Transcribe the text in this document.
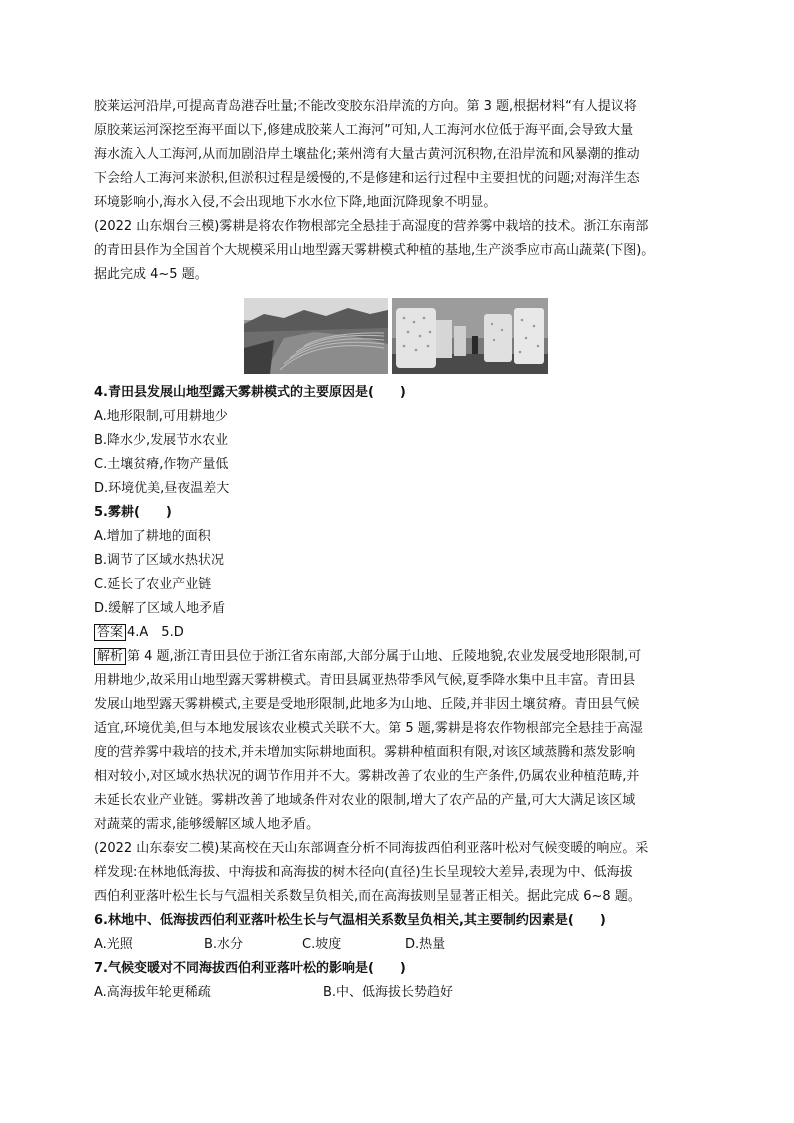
胶莱运河沿岸,可提高青岛港吞吐量;不能改变胶东沿岸流的方向。第 3 题,根据材料“有人提议将
原胶莱运河深挖至海平面以下,修建成胶莱人工海河”可知,人工海河水位低于海平面,会导致大量
海水流入人工海河,从而加剧沿岸土壤盐化;莱州湾有大量古黄河沉积物,在沿岸流和风暴潮的推动
下会给人工海河来淤积,但淤积过程是缓慢的,不是修建和运行过程中主要担忧的问题;对海洋生态
环境影响小,海水入侵,不会出现地下水水位下降,地面沉降现象不明显。
(2022 山东烟台三模)雾耕是将农作物根部完全悬挂于高湿度的营养雾中栽培的技术。浙江东南部
的青田县作为全国首个大规模采用山地型露天雾耕模式种植的基地,生产淡季应市高山蔬菜(下图)。
据此完成 4~5 题。
4.青田县发展山地型露天雾耕模式的主要原因是(　　)
A.地形限制,可用耕地少
B.降水少,发展节水农业
C.土壤贫瘠,作物产量低
D.环境优美,昼夜温差大
5.雾耕(　　)
A.增加了耕地的面积
B.调节了区域水热状况
C.延长了农业产业链
D.缓解了区域人地矛盾
答案 4.A　5.D
解析 第 4 题,浙江青田县位于浙江省东南部,大部分属于山地、丘陵地貌,农业发展受地形限制,可
用耕地少,故采用山地型露天雾耕模式。青田县属亚热带季风气候,夏季降水集中且丰富。青田县
发展山地型露天雾耕模式,主要是受地形限制,此地多为山地、丘陵,并非因土壤贫瘠。青田县气候
适宜,环境优美,但与本地发展该农业模式关联不大。第 5 题,雾耕是将农作物根部完全悬挂于高湿
度的营养雾中栽培的技术,并未增加实际耕地面积。雾耕种植面积有限,对该区域蒸腾和蒸发影响
相对较小,对区域水热状况的调节作用并不大。雾耕改善了农业的生产条件,仍属农业种植范畴,并
未延长农业产业链。雾耕改善了地域条件对农业的限制,增大了农产品的产量,可大大满足该区域
对蔬菜的需求,能够缓解区域人地矛盾。
(2022 山东泰安二模)某高校在天山东部调查分析不同海拔西伯利亚落叶松对气候变暖的响应。采
样发现:在林地低海拔、中海拔和高海拔的树木径向(直径)生长呈现较大差异,表现为中、低海拔
西伯利亚落叶松生长与气温相关系数呈负相关,而在高海拔则呈显著正相关。据此完成 6~8 题。
6.林地中、低海拔西伯利亚落叶松生长与气温相关系数呈负相关,其主要制约因素是(　　)
A.光照	B.水分	C.坡度	D.热量
7.气候变暖对不同海拔西伯利亚落叶松的影响是(　　)
A.高海拔年轮更稀疏	B.中、低海拔长势趋好
